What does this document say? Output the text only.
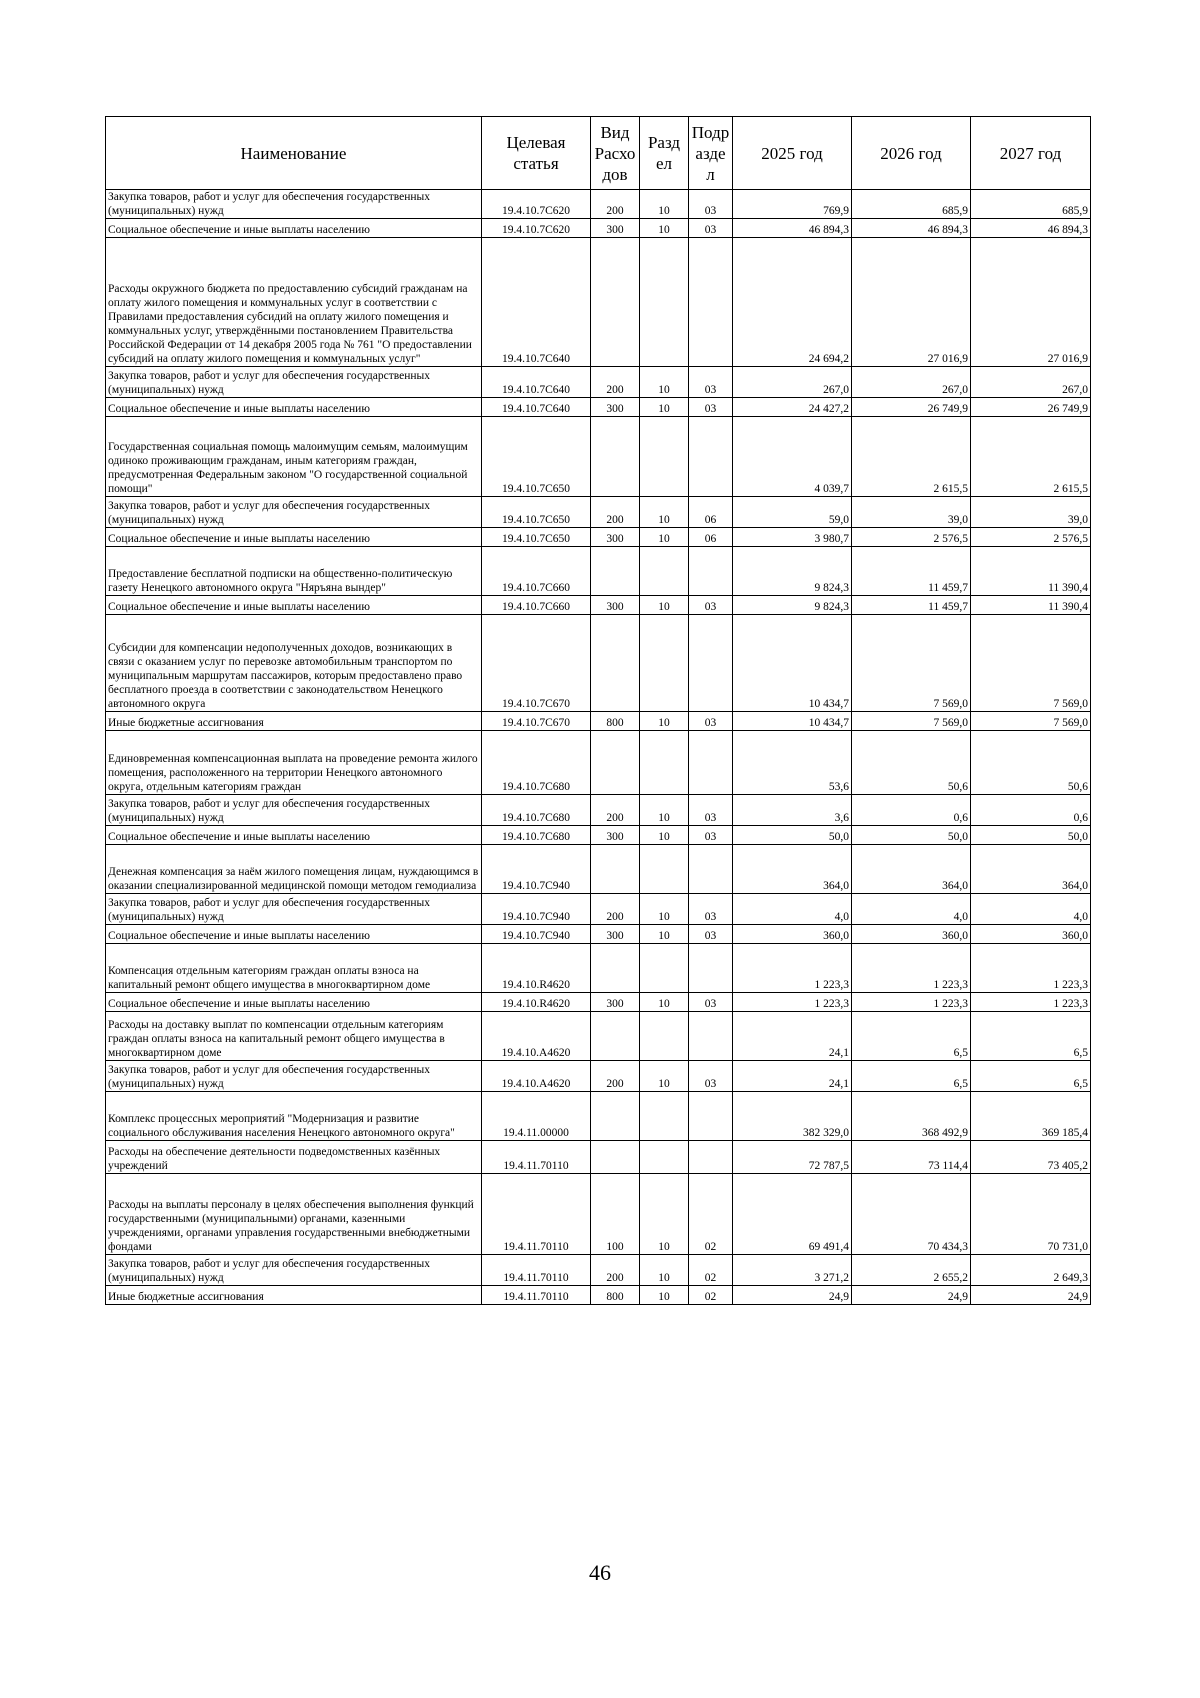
Наименование	Целевая статья	Вид Расхо дов	Разд ел	Подр азде л	2025 год	2026 год	2027 год
Закупка товаров, работ и услуг для обеспечения государственных (муниципальных) нужд	19.4.10.7С620	200	10	03	769,9	685,9	685,9
Социальное обеспечение и иные выплаты населению	19.4.10.7С620	300	10	03	46 894,3	46 894,3	46 894,3
Расходы окружного бюджета по предоставлению субсидий гражданам на оплату жилого помещения и коммунальных услуг в соответствии с Правилами предоставления субсидий на оплату жилого помещения и коммунальных услуг, утверждёнными постановлением Правительства Российской Федерации от 14 декабря 2005 года № 761 "О предоставлении субсидий на оплату жилого помещения и коммунальных услуг"	19.4.10.7С640				24 694,2	27 016,9	27 016,9
Закупка товаров, работ и услуг для обеспечения государственных (муниципальных) нужд	19.4.10.7С640	200	10	03	267,0	267,0	267,0
Социальное обеспечение и иные выплаты населению	19.4.10.7С640	300	10	03	24 427,2	26 749,9	26 749,9
Государственная социальная помощь малоимущим семьям, малоимущим одиноко проживающим гражданам, иным категориям граждан, предусмотренная Федеральным законом "О государственной социальной помощи"	19.4.10.7С650				4 039,7	2 615,5	2 615,5
Закупка товаров, работ и услуг для обеспечения государственных (муниципальных) нужд	19.4.10.7С650	200	10	06	59,0	39,0	39,0
Социальное обеспечение и иные выплаты населению	19.4.10.7С650	300	10	06	3 980,7	2 576,5	2 576,5
Предоставление бесплатной подписки на общественно-политическую газету Ненецкого автономного округа "Няръяна вындер"	19.4.10.7С660				9 824,3	11 459,7	11 390,4
Социальное обеспечение и иные выплаты населению	19.4.10.7С660	300	10	03	9 824,3	11 459,7	11 390,4
Субсидии для компенсации недополученных доходов, возникающих в связи с оказанием услуг по перевозке автомобильным транспортом по муниципальным маршрутам пассажиров, которым предоставлено право бесплатного проезда в соответствии с законодательством Ненецкого автономного округа	19.4.10.7С670				10 434,7	7 569,0	7 569,0
Иные бюджетные ассигнования	19.4.10.7С670	800	10	03	10 434,7	7 569,0	7 569,0
Единовременная компенсационная выплата на проведение ремонта жилого помещения, расположенного на территории Ненецкого автономного округа, отдельным категориям граждан	19.4.10.7С680				53,6	50,6	50,6
Закупка товаров, работ и услуг для обеспечения государственных (муниципальных) нужд	19.4.10.7С680	200	10	03	3,6	0,6	0,6
Социальное обеспечение и иные выплаты населению	19.4.10.7С680	300	10	03	50,0	50,0	50,0
Денежная компенсация за наём жилого помещения лицам, нуждающимся в оказании специализированной медицинской помощи методом гемодиализа	19.4.10.7С940				364,0	364,0	364,0
Закупка товаров, работ и услуг для обеспечения государственных (муниципальных) нужд	19.4.10.7С940	200	10	03	4,0	4,0	4,0
Социальное обеспечение и иные выплаты населению	19.4.10.7С940	300	10	03	360,0	360,0	360,0
Компенсация отдельным категориям граждан оплаты взноса на капитальный ремонт общего имущества в многоквартирном доме	19.4.10.R4620				1 223,3	1 223,3	1 223,3
Социальное обеспечение и иные выплаты населению	19.4.10.R4620	300	10	03	1 223,3	1 223,3	1 223,3
Расходы на доставку выплат по компенсации отдельным категориям граждан оплаты взноса на капитальный ремонт общего имущества в многоквартирном доме	19.4.10.А4620				24,1	6,5	6,5
Закупка товаров, работ и услуг для обеспечения государственных (муниципальных) нужд	19.4.10.А4620	200	10	03	24,1	6,5	6,5
Комплекс процессных мероприятий "Модернизация и развитие социального обслуживания населения Ненецкого автономного округа"	19.4.11.00000				382 329,0	368 492,9	369 185,4
Расходы на обеспечение деятельности подведомственных казённых учреждений	19.4.11.70110				72 787,5	73 114,4	73 405,2
Расходы на выплаты персоналу в целях обеспечения выполнения функций государственными (муниципальными) органами, казенными учреждениями, органами управления государственными внебюджетными фондами	19.4.11.70110	100	10	02	69 491,4	70 434,3	70 731,0
Закупка товаров, работ и услуг для обеспечения государственных (муниципальных) нужд	19.4.11.70110	200	10	02	3 271,2	2 655,2	2 649,3
Иные бюджетные ассигнования	19.4.11.70110	800	10	02	24,9	24,9	24,9
46
